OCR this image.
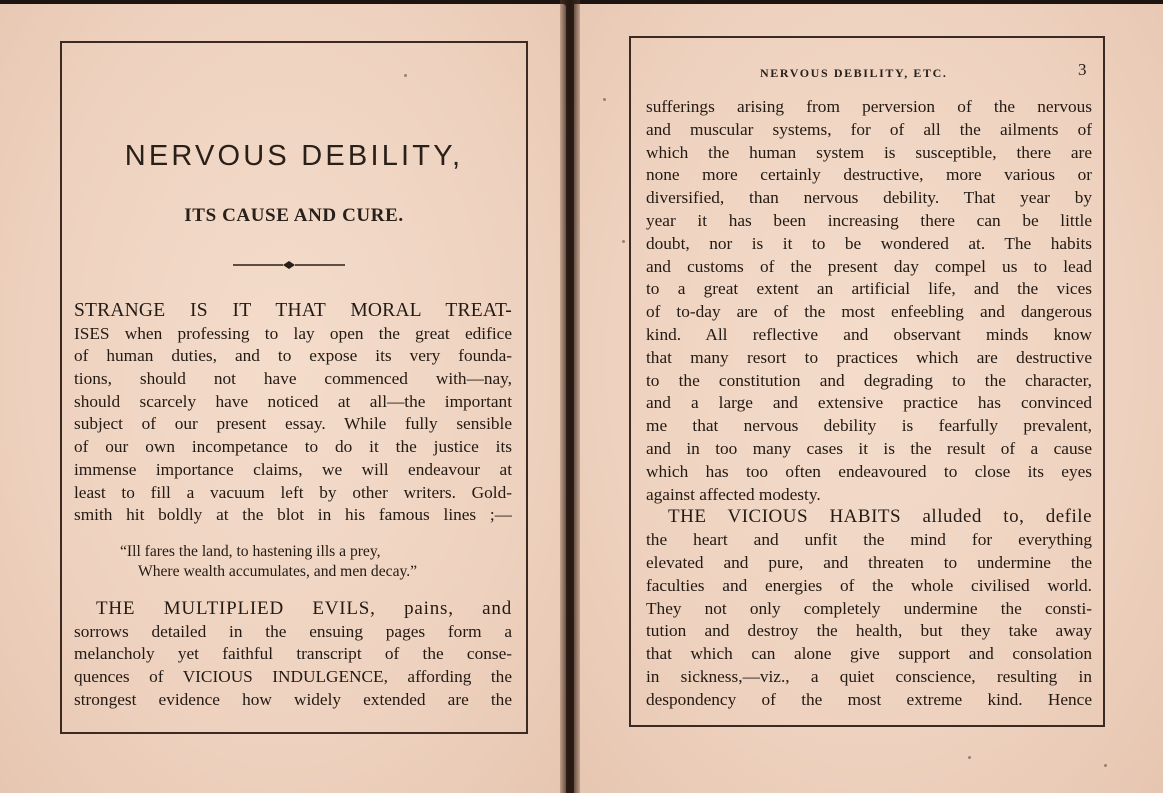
NERVOUS DEBILITY,
ITS CAUSE AND CURE.
STRANGE IS IT THAT MORAL TREAT-
ISES when professing to lay open the great edifice
of human duties, and to expose its very founda-
tions, should not have commenced with—nay,
should scarcely have noticed at all—the important
subject of our present essay. While fully sensible
of our own incompetance to do it the justice its
immense importance claims, we will endeavour at
least to fill a vacuum left by other writers. Gold-
smith hit boldly at the blot in his famous lines ;—
“Ill fares the land, to hastening ills a prey,
Where wealth accumulates, and men decay.”
THE MULTIPLIED EVILS, pains, and
sorrows detailed in the ensuing pages form a
melancholy yet faithful transcript of the conse-
quences of VICIOUS INDULGENCE, affording the
strongest evidence how widely extended are the
NERVOUS DEBILITY, ETC.	3
sufferings arising from perversion of the nervous
and muscular systems, for of all the ailments of
which the human system is susceptible, there are
none more certainly destructive, more various or
diversified, than nervous debility. That year by
year it has been increasing there can be little
doubt, nor is it to be wondered at. The habits
and customs of the present day compel us to lead
to a great extent an artificial life, and the vices
of to-day are of the most enfeebling and dangerous
kind. All reflective and observant minds know
that many resort to practices which are destructive
to the constitution and degrading to the character,
and a large and extensive practice has convinced
me that nervous debility is fearfully prevalent,
and in too many cases it is the result of a cause
which has too often endeavoured to close its eyes
against affected modesty.
THE VICIOUS HABITS alluded to, defile
the heart and unfit the mind for everything
elevated and pure, and threaten to undermine the
faculties and energies of the whole civilised world.
They not only completely undermine the consti-
tution and destroy the health, but they take away
that which can alone give support and consolation
in sickness,—viz., a quiet conscience, resulting in
despondency of the most extreme kind. Hence
